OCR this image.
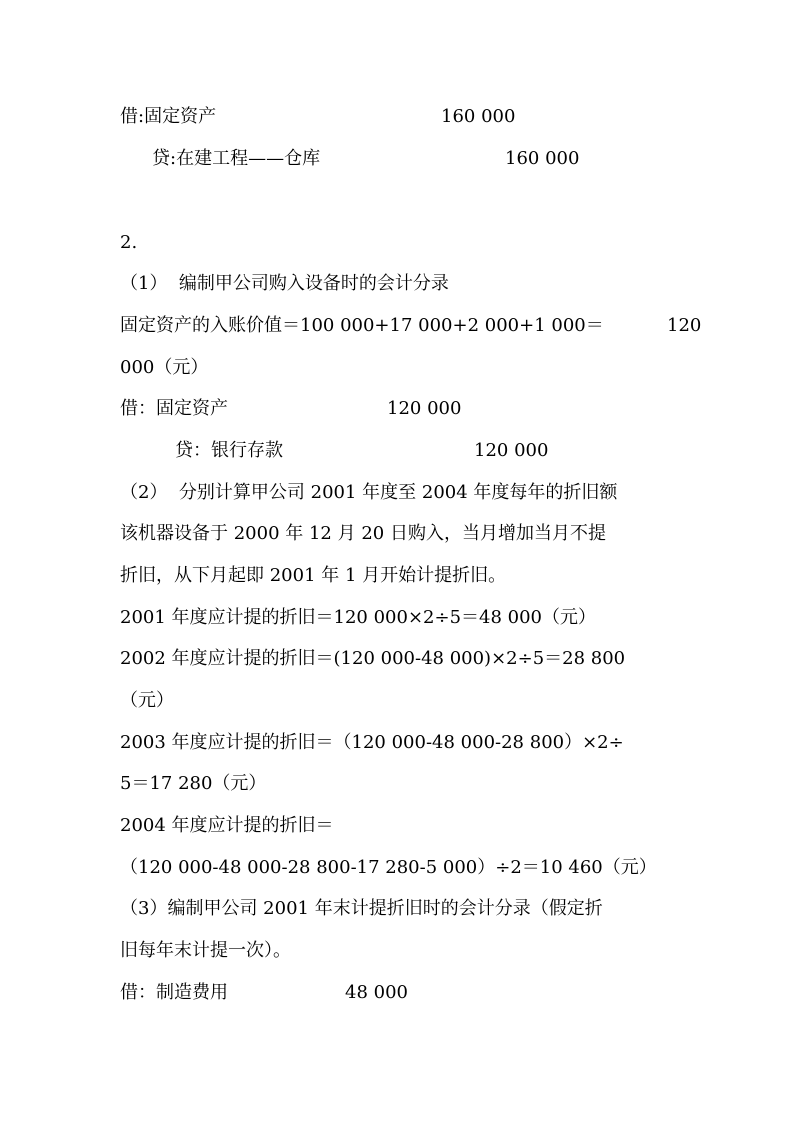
借:固定资产	160 000
贷:在建工程——仓库	160 000
2.
（1）  编制甲公司购入设备时的会计分录
固定资产的入账价值＝100 000+17 000+2 000+1 000＝	120
000（元）
借：固定资产	120 000
贷：银行存款	120 000
（2）  分别计算甲公司 2001 年度至 2004 年度每年的折旧额
该机器设备于 2000 年 12 月 20 日购入，当月增加当月不提
折旧，从下月起即 2001 年 1 月开始计提折旧。
2001 年度应计提的折旧＝120 000×2÷5＝48 000（元）
2002 年度应计提的折旧＝(120 000-48 000)×2÷5＝28 800
（元）
2003 年度应计提的折旧＝（120 000-48 000-28 800）×2÷
5＝17 280（元）
2004 年度应计提的折旧＝
（120 000-48 000-28 800-17 280-5 000）÷2＝10 460（元）
（3）编制甲公司 2001 年末计提折旧时的会计分录（假定折
旧每年末计提一次）。
借：制造费用	48 000
